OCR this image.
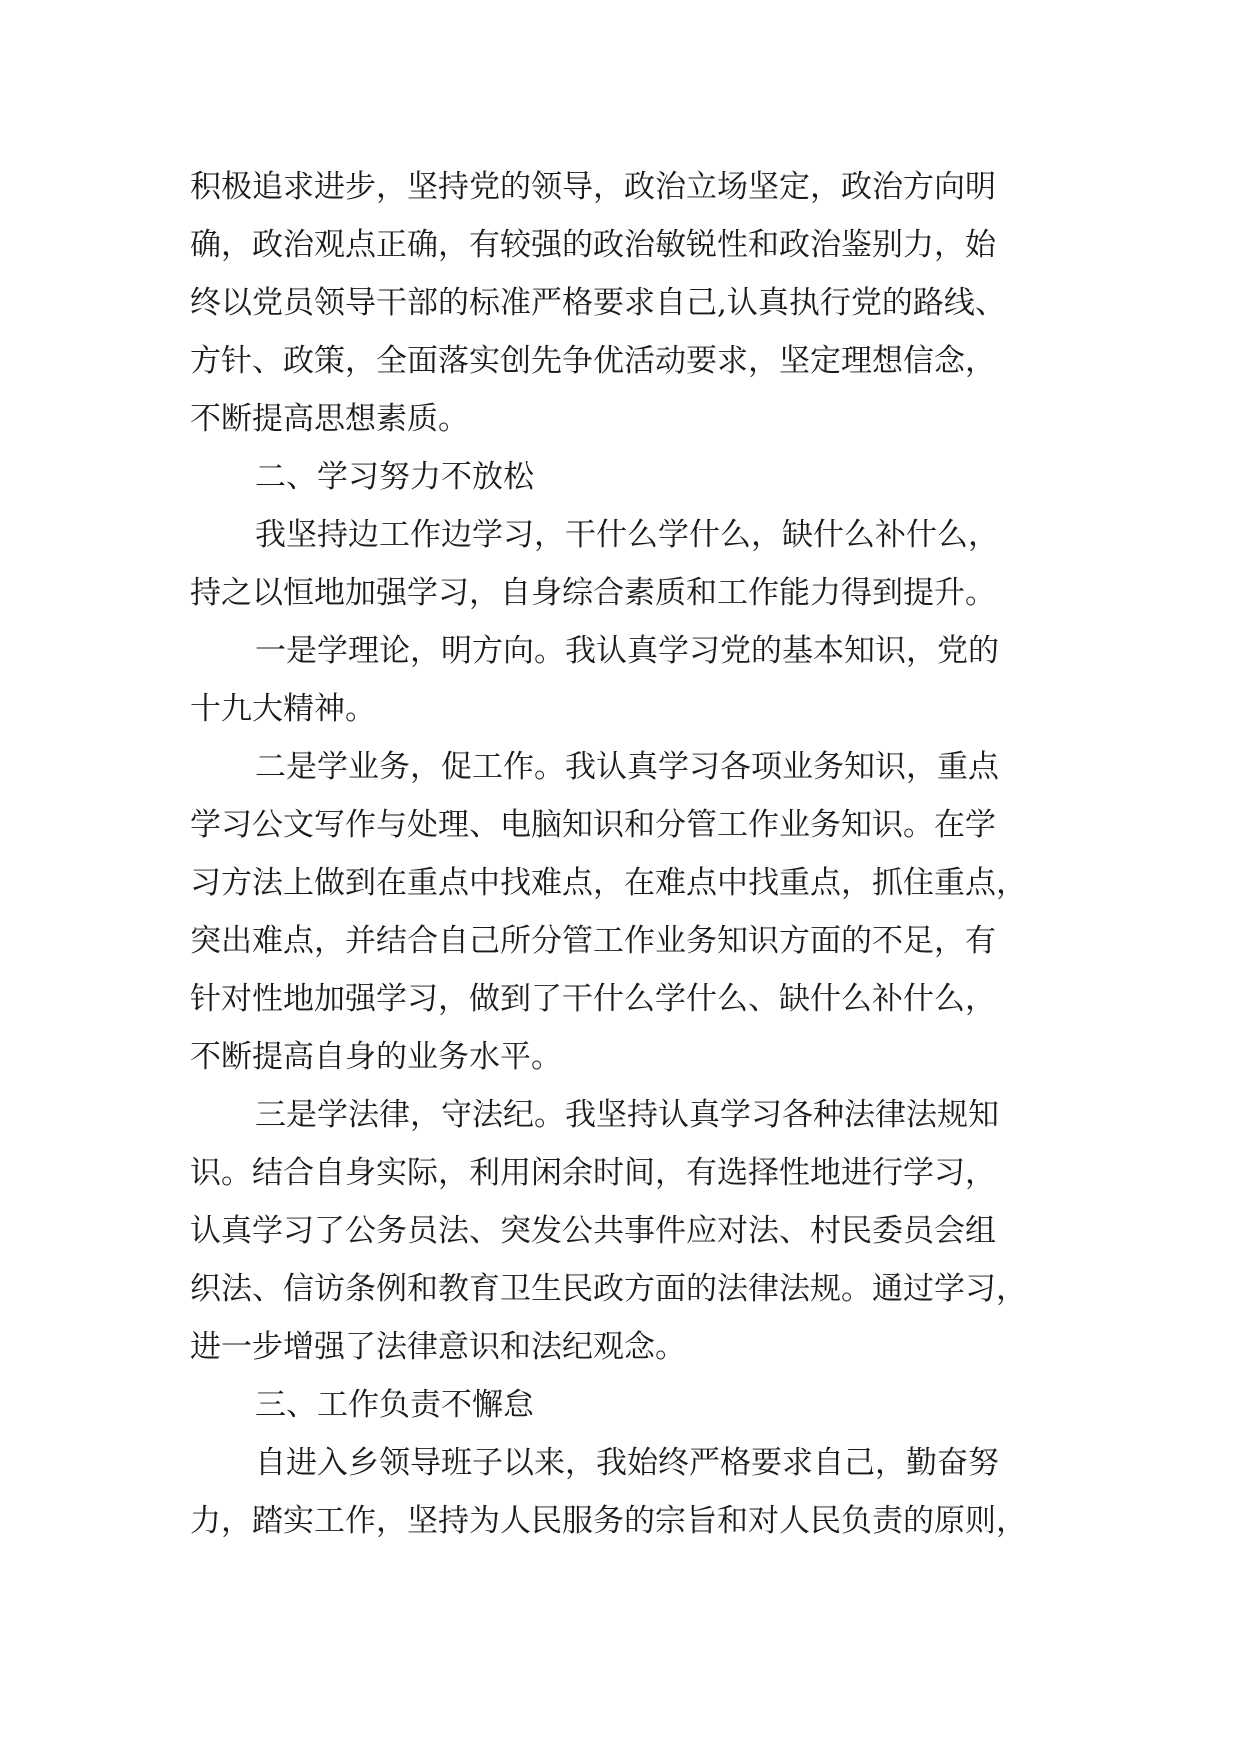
积极追求进步，坚持党的领导，政治立场坚定，政治方向明
确，政治观点正确，有较强的政治敏锐性和政治鉴别力，始
终以党员领导干部的标准严格要求自己,认真执行党的路线、
方针、政策，全面落实创先争优活动要求，坚定理想信念，
不断提高思想素质。
二、学习努力不放松
我坚持边工作边学习，干什么学什么，缺什么补什么，
持之以恒地加强学习，自身综合素质和工作能力得到提升。
一是学理论，明方向。我认真学习党的基本知识，党的
十九大精神。
二是学业务，促工作。我认真学习各项业务知识，重点
学习公文写作与处理、电脑知识和分管工作业务知识。在学
习方法上做到在重点中找难点，在难点中找重点，抓住重点，
突出难点，并结合自己所分管工作业务知识方面的不足，有
针对性地加强学习，做到了干什么学什么、缺什么补什么，
不断提高自身的业务水平。
三是学法律，守法纪。我坚持认真学习各种法律法规知
识。结合自身实际，利用闲余时间，有选择性地进行学习，
认真学习了公务员法、突发公共事件应对法、村民委员会组
织法、信访条例和教育卫生民政方面的法律法规。通过学习，
进一步增强了法律意识和法纪观念。
三、工作负责不懈怠
自进入乡领导班子以来，我始终严格要求自己，勤奋努
力，踏实工作，坚持为人民服务的宗旨和对人民负责的原则，
